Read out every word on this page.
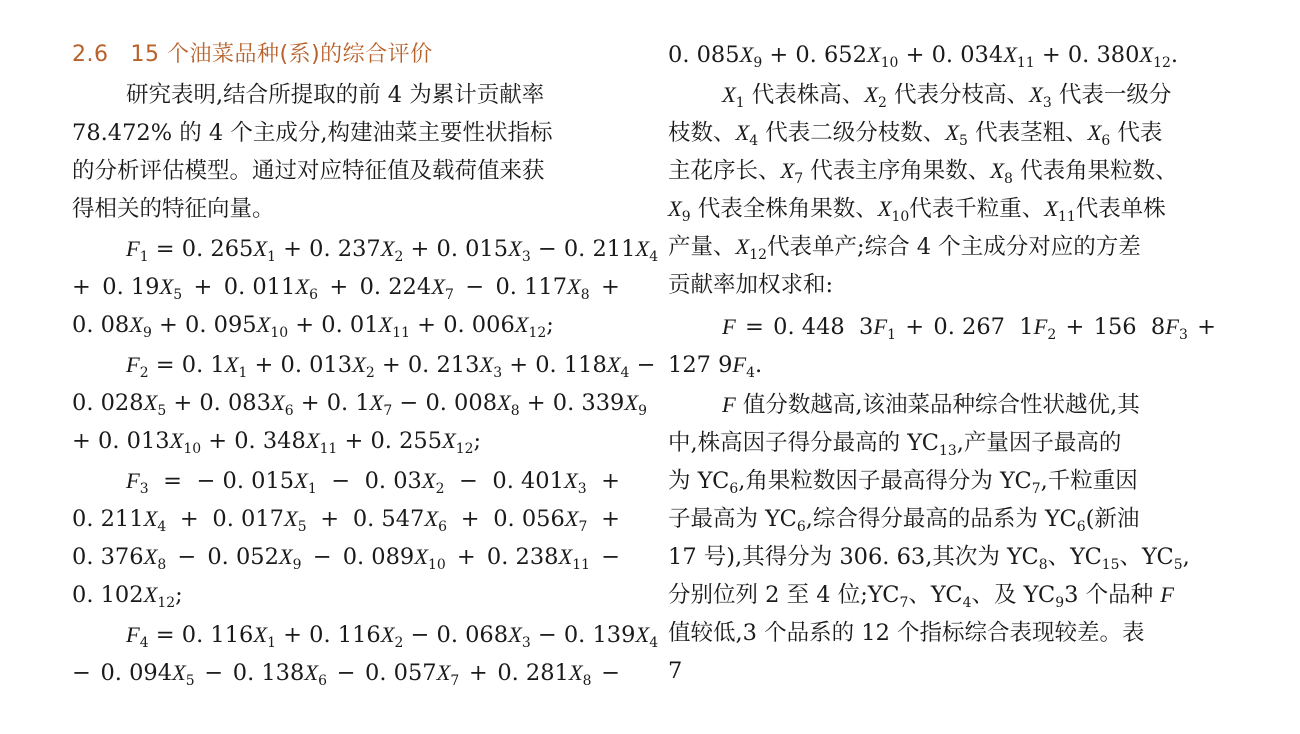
2.6 15 个油菜品种(系)的综合评价
研究表明,结合所提取的前 4 为累计贡献率
78.472% 的 4 个主成分,构建油菜主要性状指标
的分析评估模型。通过对应特征值及载荷值来获
得相关的特征向量。
$F_1 = 0$. $265X_1 + 0$. $237X_2 + 0$. $015X_3 - 0$. $211X_4$
+ 0. $19X_5 + 0$. $011X_6 + 0$. $224X_7 - 0$. $117X_8$ +
0. $08X_9 + 0$. $095X_{10} + 0$. $01X_{11} + 0$. $006X_{12}$;
$F_2 = 0$. $1X_1 + 0$. $013X_2 + 0$. $213X_3 + 0$. $118X_4$ −
0. $028X_5 + 0$. $083X_6 + 0$. $1X_7 - 0$. $008X_8 + 0$. $339X_9$
+ 0. $013X_{10} + 0$. $348X_{11} + 0$. $255X_{12}$;
$F_3$ = − 0. $015X_1 - 0$. $03X_2 - 0$. $401X_3$ +
0. $211X_4 + 0$. $017X_5 + 0$. $547X_6 + 0$. $056X_7$ +
0. $376X_8 - 0$. $052X_9 - 0$. $089X_{10} + 0$. $238X_{11}$ −
0. $102X_{12}$;
$F_4 = 0$. $116X_1 + 0$. $116X_2 - 0$. $068X_3 - 0$. $139X_4$
− 0. $094X_5 - 0$. $138X_6 - 0$. $057X_7 + 0$. $281X_8$ −
0. $085X_9 + 0$. $652X_{10} + 0$. $034X_{11} + 0$. $380X_{12}$.
$X_1$ 代表株高、$X_2$ 代表分枝高、$X_3$ 代表一级分
枝数、$X_4$ 代表二级分枝数、$X_5$ 代表茎粗、$X_6$ 代表
主花序长、$X_7$ 代表主序角果数、$X_8$ 代表角果粒数、
$X_9$ 代表全株角果数、$X_{10}$代表千粒重、$X_{11}$代表单株
产量、$X_{12}$代表单产;综合 4 个主成分对应的方差
贡献率加权求和:
F = 0. 448  $3F_1 + 0$. 267  $1F_2 + 156$  $8F_3$ +
127 $9F_4$.
F 值分数越高,该油菜品种综合性状越优,其
中,株高因子得分最高的 $YC_{13}$,产量因子最高的
为 $YC_6$,角果粒数因子最高得分为 $YC_7$,千粒重因
子最高为 $YC_6$,综合得分最高的品系为 $YC_6$(新油
17 号),其得分为 306. 63,其次为 $YC_8$、$YC_{15}$、$YC_5$,
分别位列 2 至 4 位$;YC_7$、$YC_4$、及 $YC_93$ 个品种 F
值较低,3 个品系的 12 个指标综合表现较差。表
7
